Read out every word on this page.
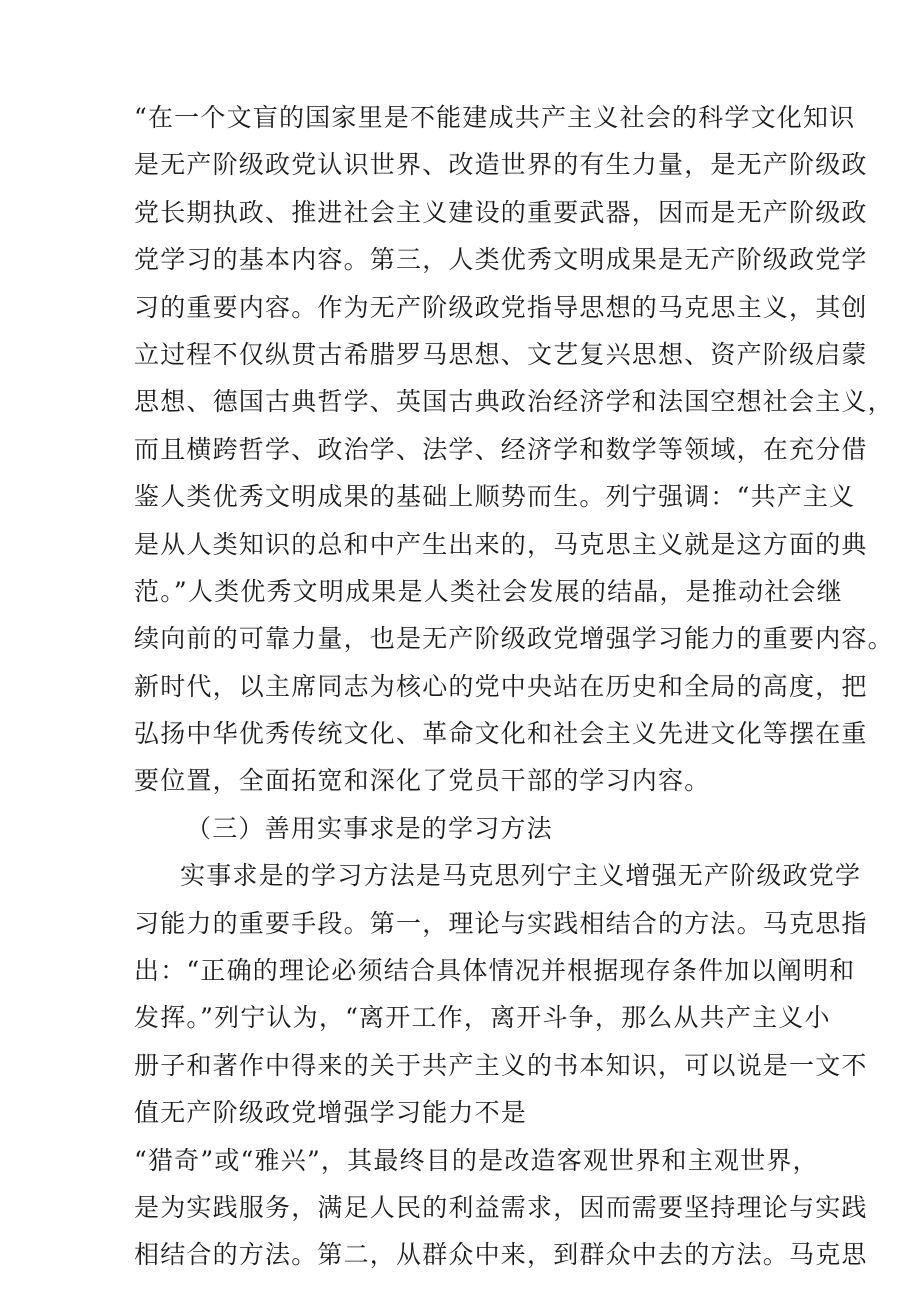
“在一个文盲的国家里是不能建成共产主义社会的科学文化知识
是无产阶级政党认识世界、改造世界的有生力量，是无产阶级政
党长期执政、推进社会主义建设的重要武器，因而是无产阶级政
党学习的基本内容。第三，人类优秀文明成果是无产阶级政党学
习的重要内容。作为无产阶级政党指导思想的马克思主义，其创
立过程不仅纵贯古希腊罗马思想、文艺复兴思想、资产阶级启蒙
思想、德国古典哲学、英国古典政治经济学和法国空想社会主义，
而且横跨哲学、政治学、法学、经济学和数学等领域，在充分借
鉴人类优秀文明成果的基础上顺势而生。列宁强调：“共产主义
是从人类知识的总和中产生出来的，马克思主义就是这方面的典
范。”人类优秀文明成果是人类社会发展的结晶，是推动社会继
续向前的可靠力量，也是无产阶级政党增强学习能力的重要内容。
新时代，以主席同志为核心的党中央站在历史和全局的高度，把
弘扬中华优秀传统文化、革命文化和社会主义先进文化等摆在重
要位置，全面拓宽和深化了党员干部的学习内容。
（三）善用实事求是的学习方法
实事求是的学习方法是马克思列宁主义增强无产阶级政党学
习能力的重要手段。第一，理论与实践相结合的方法。马克思指
出：“正确的理论必须结合具体情况并根据现存条件加以阐明和
发挥。”列宁认为，“离开工作，离开斗争，那么从共产主义小
册子和著作中得来的关于共产主义的书本知识，可以说是一文不
值无产阶级政党增强学习能力不是
“猎奇”或“雅兴”，其最终目的是改造客观世界和主观世界，
是为实践服务，满足人民的利益需求，因而需要坚持理论与实践
相结合的方法。第二，从群众中来，到群众中去的方法。马克思
